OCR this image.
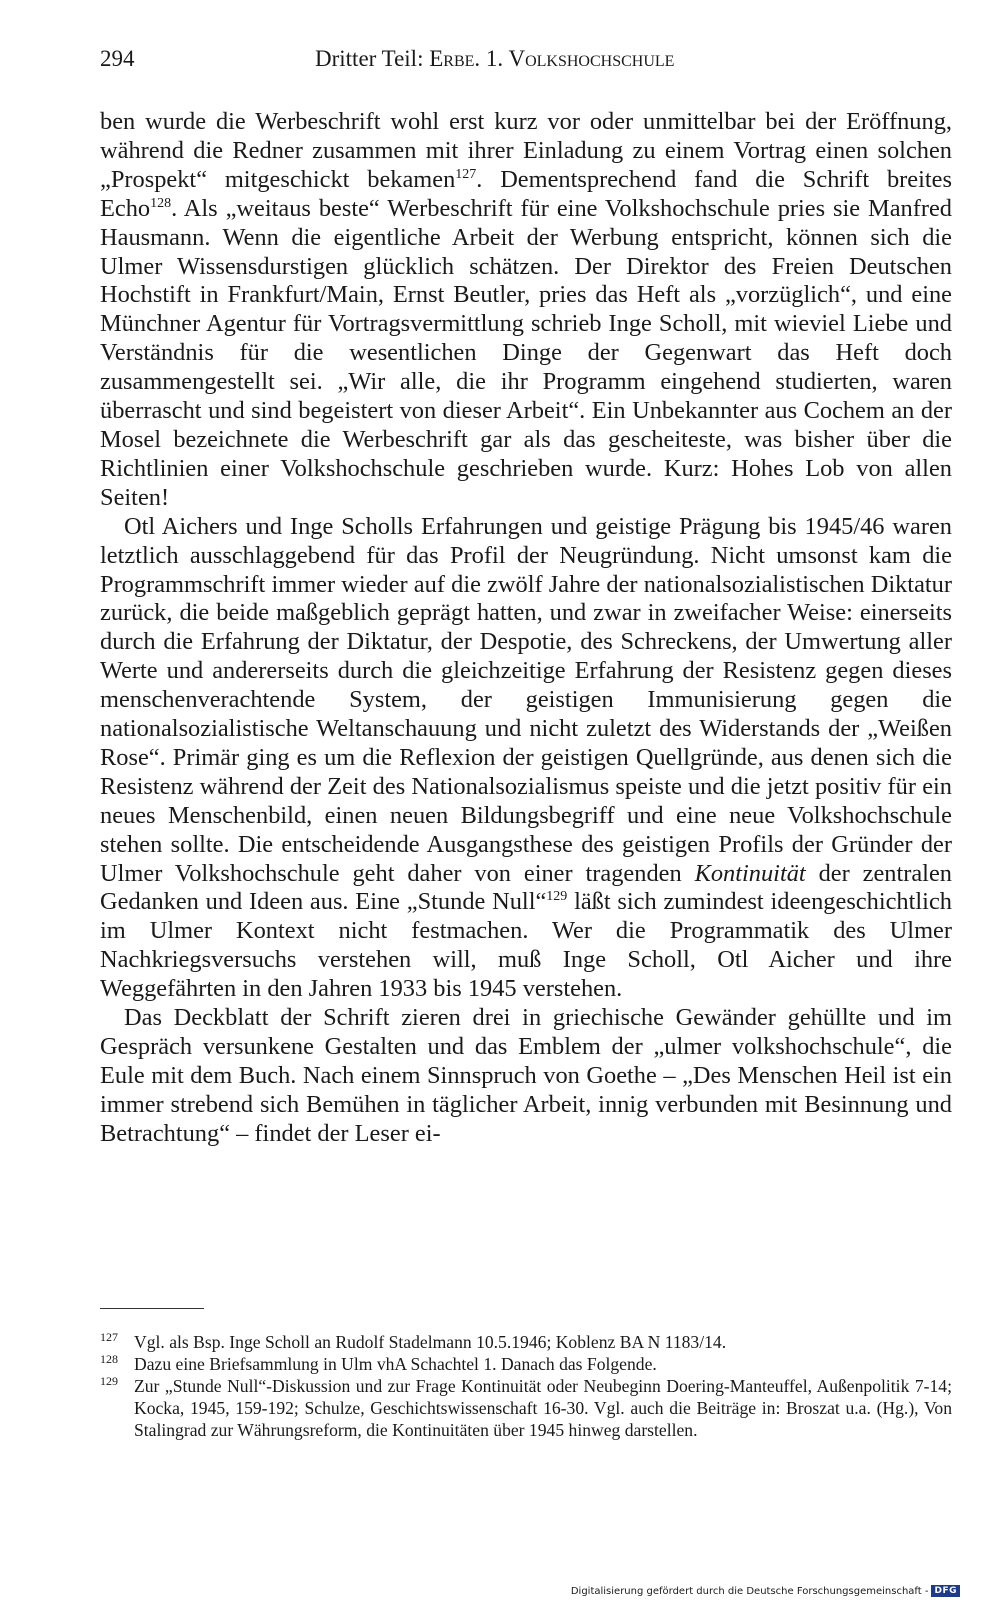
294	Dritter Teil: Erbe. 1. Volkshochschule

ben wurde die Werbeschrift wohl erst kurz vor oder unmittelbar bei der Eröffnung, während die Redner zusammen mit ihrer Einladung zu einem Vortrag einen solchen „Prospekt“ mitgeschickt bekamen$^{127}$. Dementsprechend fand die Schrift breites Echo$^{128}$. Als „weitaus beste“ Werbeschrift für eine Volkshochschule pries sie Manfred Hausmann. Wenn die eigentliche Arbeit der Werbung entspricht, können sich die Ulmer Wissensdurstigen glücklich schätzen. Der Direktor des Freien Deutschen Hochstift in Frankfurt/Main, Ernst Beutler, pries das Heft als „vorzüglich“, und eine Münchner Agentur für Vortragsvermittlung schrieb Inge Scholl, mit wieviel Liebe und Verständnis für die wesentlichen Dinge der Gegenwart das Heft doch zusammengestellt sei. „Wir alle, die ihr Programm eingehend studierten, waren überrascht und sind begeistert von dieser Arbeit“. Ein Unbekannter aus Cochem an der Mosel bezeichnete die Werbeschrift gar als das gescheiteste, was bisher über die Richtlinien einer Volkshochschule geschrieben wurde. Kurz: Hohes Lob von allen Seiten!

Otl Aichers und Inge Scholls Erfahrungen und geistige Prägung bis 1945/46 waren letztlich ausschlaggebend für das Profil der Neugründung. Nicht umsonst kam die Programmschrift immer wieder auf die zwölf Jahre der nationalsozialistischen Diktatur zurück, die beide maßgeblich geprägt hatten, und zwar in zweifacher Weise: einerseits durch die Erfahrung der Diktatur, der Despotie, des Schreckens, der Umwertung aller Werte und andererseits durch die gleichzeitige Erfahrung der Resistenz gegen dieses menschenverachtende System, der geistigen Immunisierung gegen die nationalsozialistische Weltanschauung und nicht zuletzt des Widerstands der „Weißen Rose“. Primär ging es um die Reflexion der geistigen Quellgründe, aus denen sich die Resistenz während der Zeit des Nationalsozialismus speiste und die jetzt positiv für ein neues Menschenbild, einen neuen Bildungsbegriff und eine neue Volkshochschule stehen sollte. Die entscheidende Ausgangsthese des geistigen Profils der Gründer der Ulmer Volkshochschule geht daher von einer tragenden Kontinuität der zentralen Gedanken und Ideen aus. Eine „Stunde Null“$^{129}$ läßt sich zumindest ideengeschichtlich im Ulmer Kontext nicht festmachen. Wer die Programmatik des Ulmer Nachkriegsversuchs verstehen will, muß Inge Scholl, Otl Aicher und ihre Weggefährten in den Jahren 1933 bis 1945 verstehen.

Das Deckblatt der Schrift zieren drei in griechische Gewänder gehüllte und im Gespräch versunkene Gestalten und das Emblem der „ulmer volkshochschule“, die Eule mit dem Buch. Nach einem Sinnspruch von Goethe – „Des Menschen Heil ist ein immer strebend sich Bemühen in täglicher Arbeit, innig verbunden mit Besinnung und Betrachtung“ – findet der Leser ei-

127 Vgl. als Bsp. Inge Scholl an Rudolf Stadelmann 10.5.1946; Koblenz BA N 1183/14.
128 Dazu eine Briefsammlung in Ulm vhA Schachtel 1. Danach das Folgende.
129 Zur „Stunde Null“-Diskussion und zur Frage Kontinuität oder Neubeginn Doering-Manteuffel, Außenpolitik 7-14; Kocka, 1945, 159-192; Schulze, Geschichtswissenschaft 16-30. Vgl. auch die Beiträge in: Broszat u.a. (Hg.), Von Stalingrad zur Währungsreform, die Kontinuitäten über 1945 hinweg darstellen.
Digitalisierung gefördert durch die Deutsche Forschungsgemeinschaft - DFG
